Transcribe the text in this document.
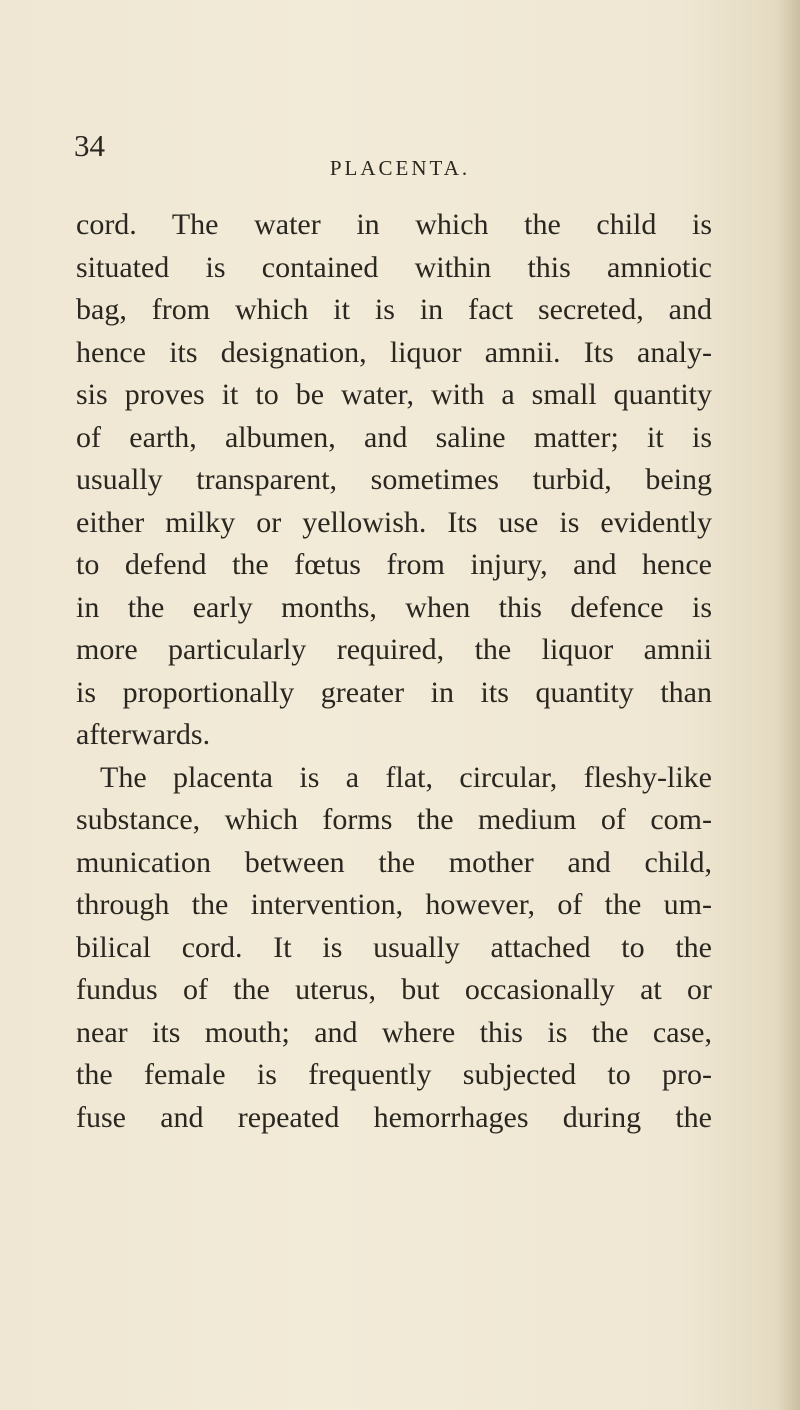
34
PLACENTA.
cord. The water in which the child is
situated is contained within this amniotic
bag, from which it is in fact secreted, and
hence its designation, liquor amnii. Its analy-
sis proves it to be water, with a small quantity
of earth, albumen, and saline matter; it is
usually transparent, sometimes turbid, being
either milky or yellowish. Its use is evidently
to defend the fœtus from injury, and hence
in the early months, when this defence is
more particularly required, the liquor amnii
is proportionally greater in its quantity than
afterwards.
The placenta is a flat, circular, fleshy-like
substance, which forms the medium of com-
munication between the mother and child,
through the intervention, however, of the um-
bilical cord. It is usually attached to the
fundus of the uterus, but occasionally at or
near its mouth; and where this is the case,
the female is frequently subjected to pro-
fuse and repeated hemorrhages during the
